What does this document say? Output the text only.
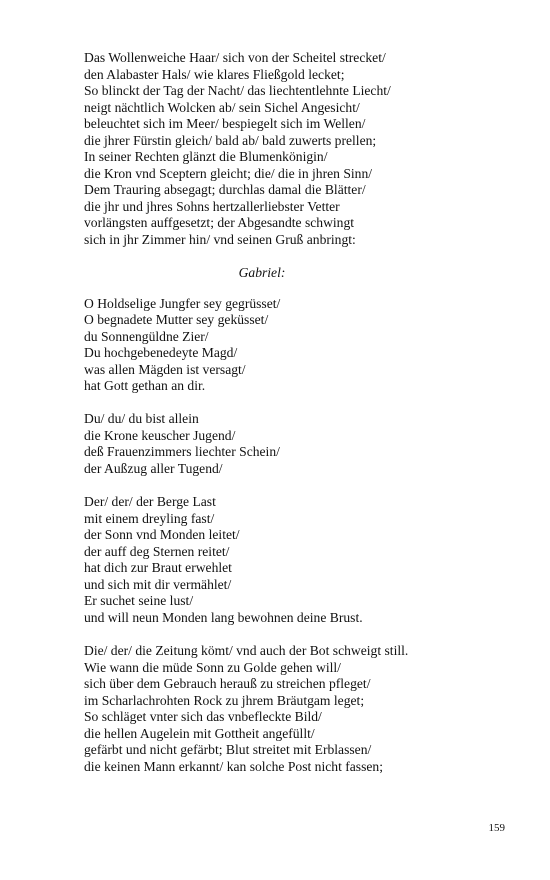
Das Wollenweiche Haar/ sich von der Scheitel strecket/
den Alabaster Hals/ wie klares Fließgold lecket;
So blinckt der Tag der Nacht/ das liechtentlehnte Liecht/
neigt nächtlich Wolcken ab/ sein Sichel Angesicht/
beleuchtet sich im Meer/ bespiegelt sich im Wellen/
die jhrer Fürstin gleich/ bald ab/ bald zuwerts prellen;
In seiner Rechten glänzt die Blumenkönigin/
die Kron vnd Sceptern gleicht; die/ die in jhren Sinn/
Dem Trauring absegagt; durchlas damal die Blätter/
die jhr und jhres Sohns hertzallerliebster Vetter
vorlängsten auffgesetzt; der Abgesandte schwingt
sich in jhr Zimmer hin/ vnd seinen Gruß anbringt:
Gabriel:
O Holdselige Jungfer sey gegrüsset/
O begnadete Mutter sey geküsset/
du Sonnengüldne Zier/
Du hochgebenedeyte Magd/
was allen Mägden ist versagt/
hat Gott gethan an dir.
Du/ du/ du bist allein
die Krone keuscher Jugend/
deß Frauenzimmers liechter Schein/
der Außzug aller Tugend/
Der/ der/ der Berge Last
mit einem dreyling fast/
der Sonn vnd Monden leitet/
der auff deg Sternen reitet/
hat dich zur Braut erwehlet
und sich mit dir vermählet/
Er suchet seine lust/
und will neun Monden lang bewohnen deine Brust.
Die/ der/ die Zeitung kömt/ vnd auch der Bot schweigt still.
Wie wann die müde Sonn zu Golde gehen will/
sich über dem Gebrauch herauß zu streichen pfleget/
im Scharlachrohten Rock zu jhrem Bräutgam leget;
So schläget vnter sich das vnbefleckte Bild/
die hellen Augelein mit Gottheit angefüllt/
gefärbt und nicht gefärbt; Blut streitet mit Erblassen/
die keinen Mann erkannt/ kan solche Post nicht fassen;
159
